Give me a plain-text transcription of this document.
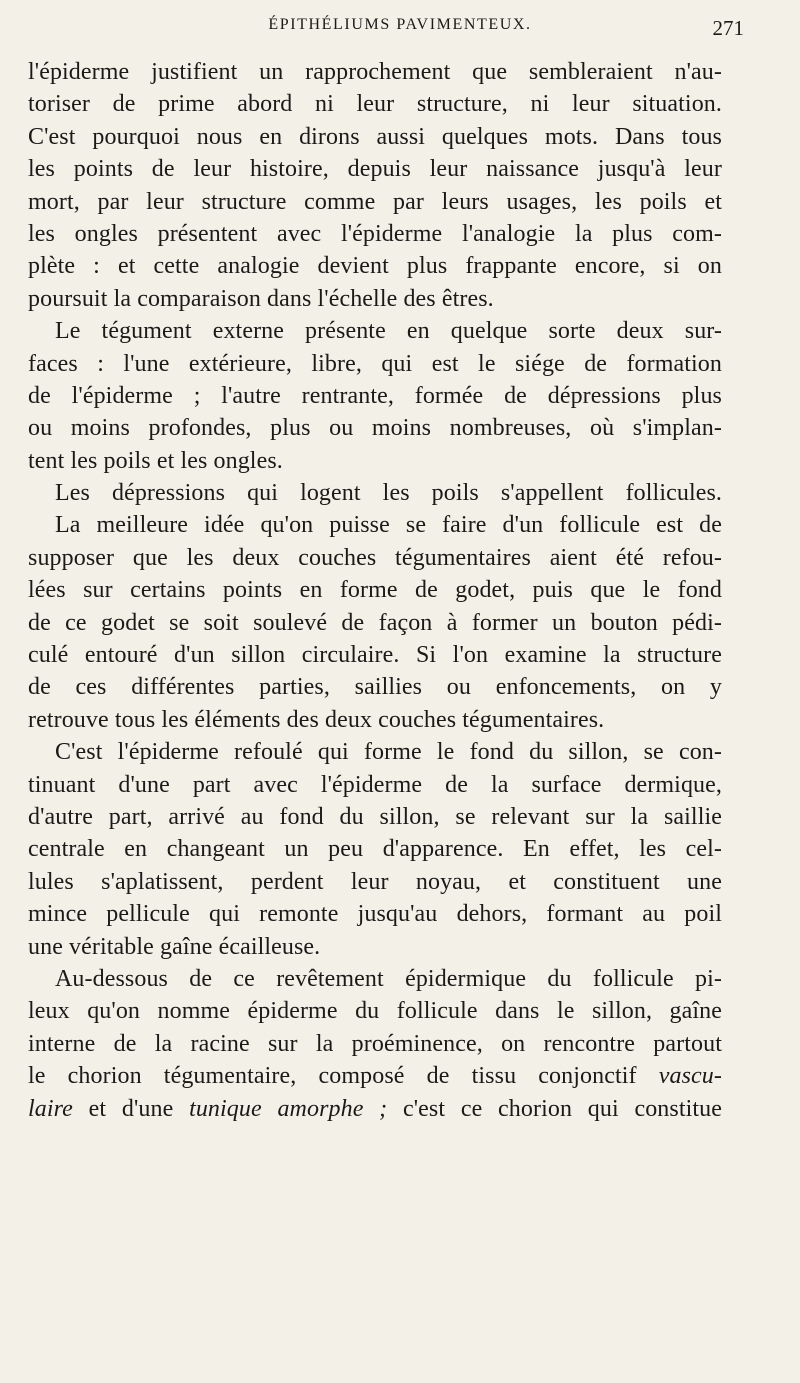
ÉPITHÉLIUMS PAVIMENTEUX.	271
l'épiderme justifient un rapprochement que sembleraient n'au-
toriser de prime abord ni leur structure, ni leur situation.
C'est pourquoi nous en dirons aussi quelques mots. Dans tous
les points de leur histoire, depuis leur naissance jusqu'à leur
mort, par leur structure comme par leurs usages, les poils et
les ongles présentent avec l'épiderme l'analogie la plus com-
plète : et cette analogie devient plus frappante encore, si on
poursuit la comparaison dans l'échelle des êtres.
Le tégument externe présente en quelque sorte deux sur-
faces : l'une extérieure, libre, qui est le siége de formation
de l'épiderme ; l'autre rentrante, formée de dépressions plus
ou moins profondes, plus ou moins nombreuses, où s'implan-
tent les poils et les ongles.
Les dépressions qui logent les poils s'appellent follicules.
La meilleure idée qu'on puisse se faire d'un follicule est de
supposer que les deux couches tégumentaires aient été refou-
lées sur certains points en forme de godet, puis que le fond
de ce godet se soit soulevé de façon à former un bouton pédi-
culé entouré d'un sillon circulaire. Si l'on examine la structure
de ces différentes parties, saillies ou enfoncements, on y
retrouve tous les éléments des deux couches tégumentaires.
C'est l'épiderme refoulé qui forme le fond du sillon, se con-
tinuant d'une part avec l'épiderme de la surface dermique,
d'autre part, arrivé au fond du sillon, se relevant sur la saillie
centrale en changeant un peu d'apparence. En effet, les cel-
lules s'aplatissent, perdent leur noyau, et constituent une
mince pellicule qui remonte jusqu'au dehors, formant au poil
une véritable gaîne écailleuse.
Au-dessous de ce revêtement épidermique du follicule pi-
leux qu'on nomme épiderme du follicule dans le sillon, gaîne
interne de la racine sur la proéminence, on rencontre partout
le chorion tégumentaire, composé de tissu conjonctif vascu-
laire et d'une tunique amorphe ; c'est ce chorion qui constitue
